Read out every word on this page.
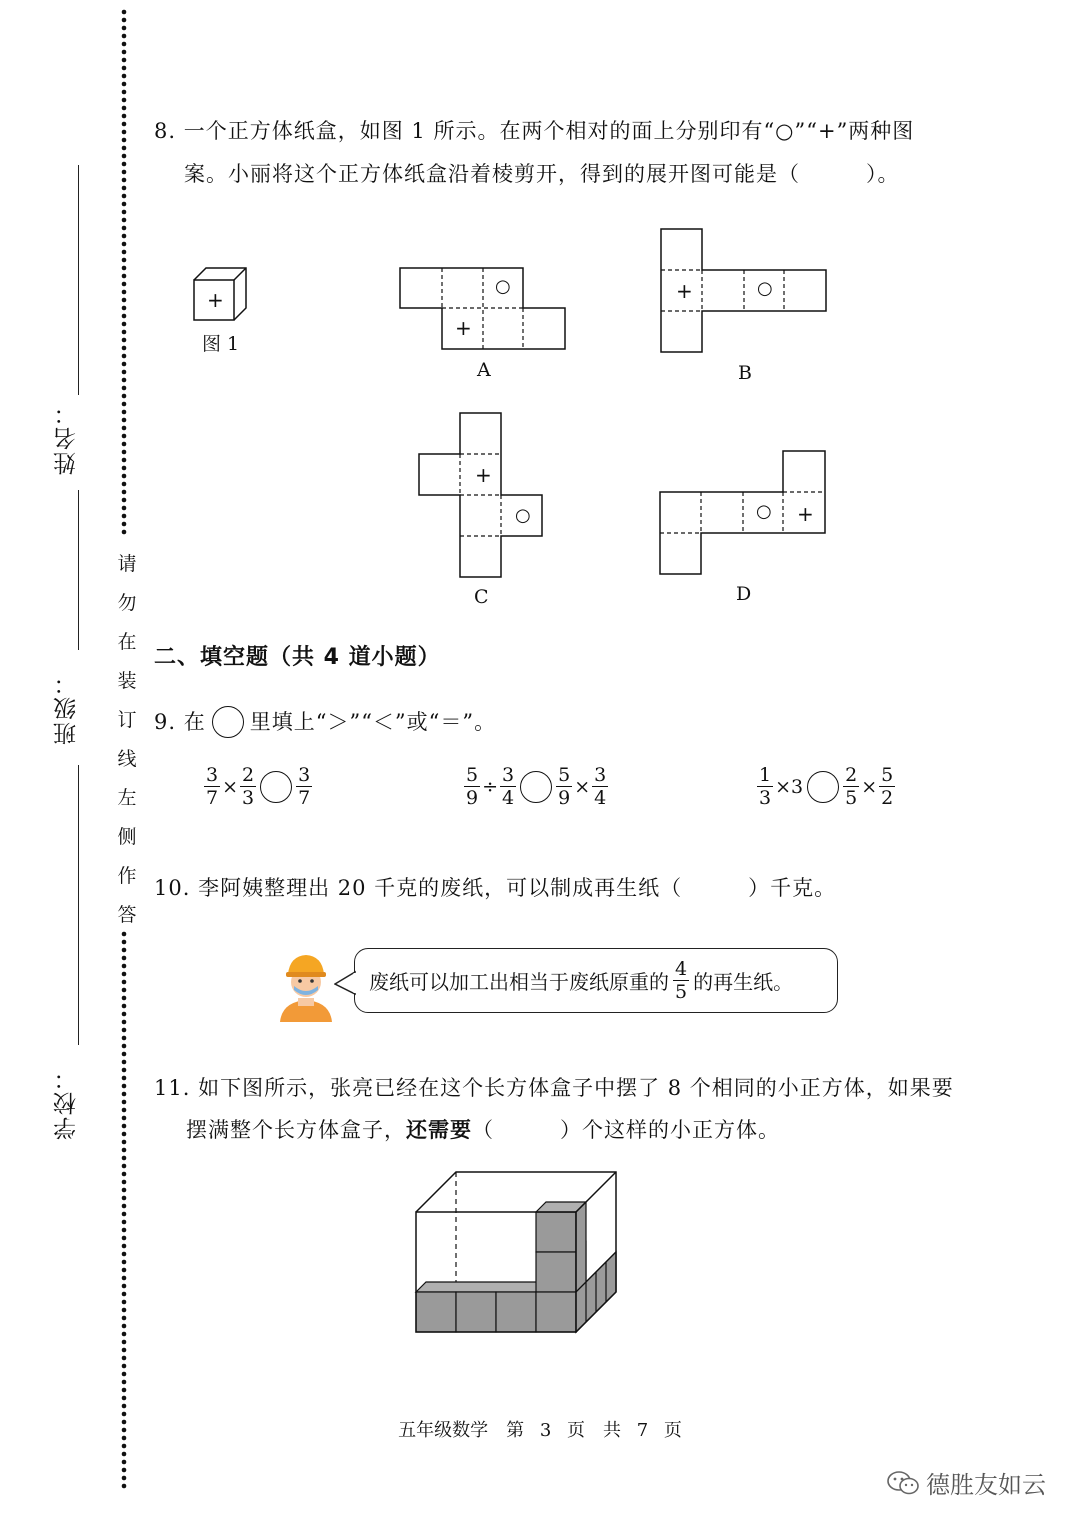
姓名：
班级：
学校：
请
勿
在
装
订
线
左
侧
作
答
8. 一个正方体纸盒，如图 1 所示。在两个相对的面上分别印有“○”“+”两种图
案。小丽将这个正方体纸盒沿着棱剪开，得到的展开图可能是（　　　）。
+
图 1
○
+
A
+	○
B
+
○
C
○ +
D
二、填空题（共 4 道小题）
9. 在 里填上“＞”“＜”或“＝”。
$\frac{3}{7} \times \frac{2}{3} \frac{3}{7}$	$\frac{5}{9} \div \frac{3}{4} \frac{5}{9} \times \frac{3}{4}$	$\frac{1}{3} \times 3 \frac{2}{5} \times \frac{5}{2}$
10. 李阿姨整理出 20 千克的废纸，可以制成再生纸（　　　）千克。
废纸可以加工出相当于废纸原重的 $\frac{4}{5}$ 的再生纸。
11. 如下图所示，张亮已经在这个长方体盒子中摆了 8 个相同的小正方体，如果要
摆满整个长方体盒子，还需要（　　　）个这样的小正方体。
五年级数学　第 3 页　共 7 页
德胜友如云
